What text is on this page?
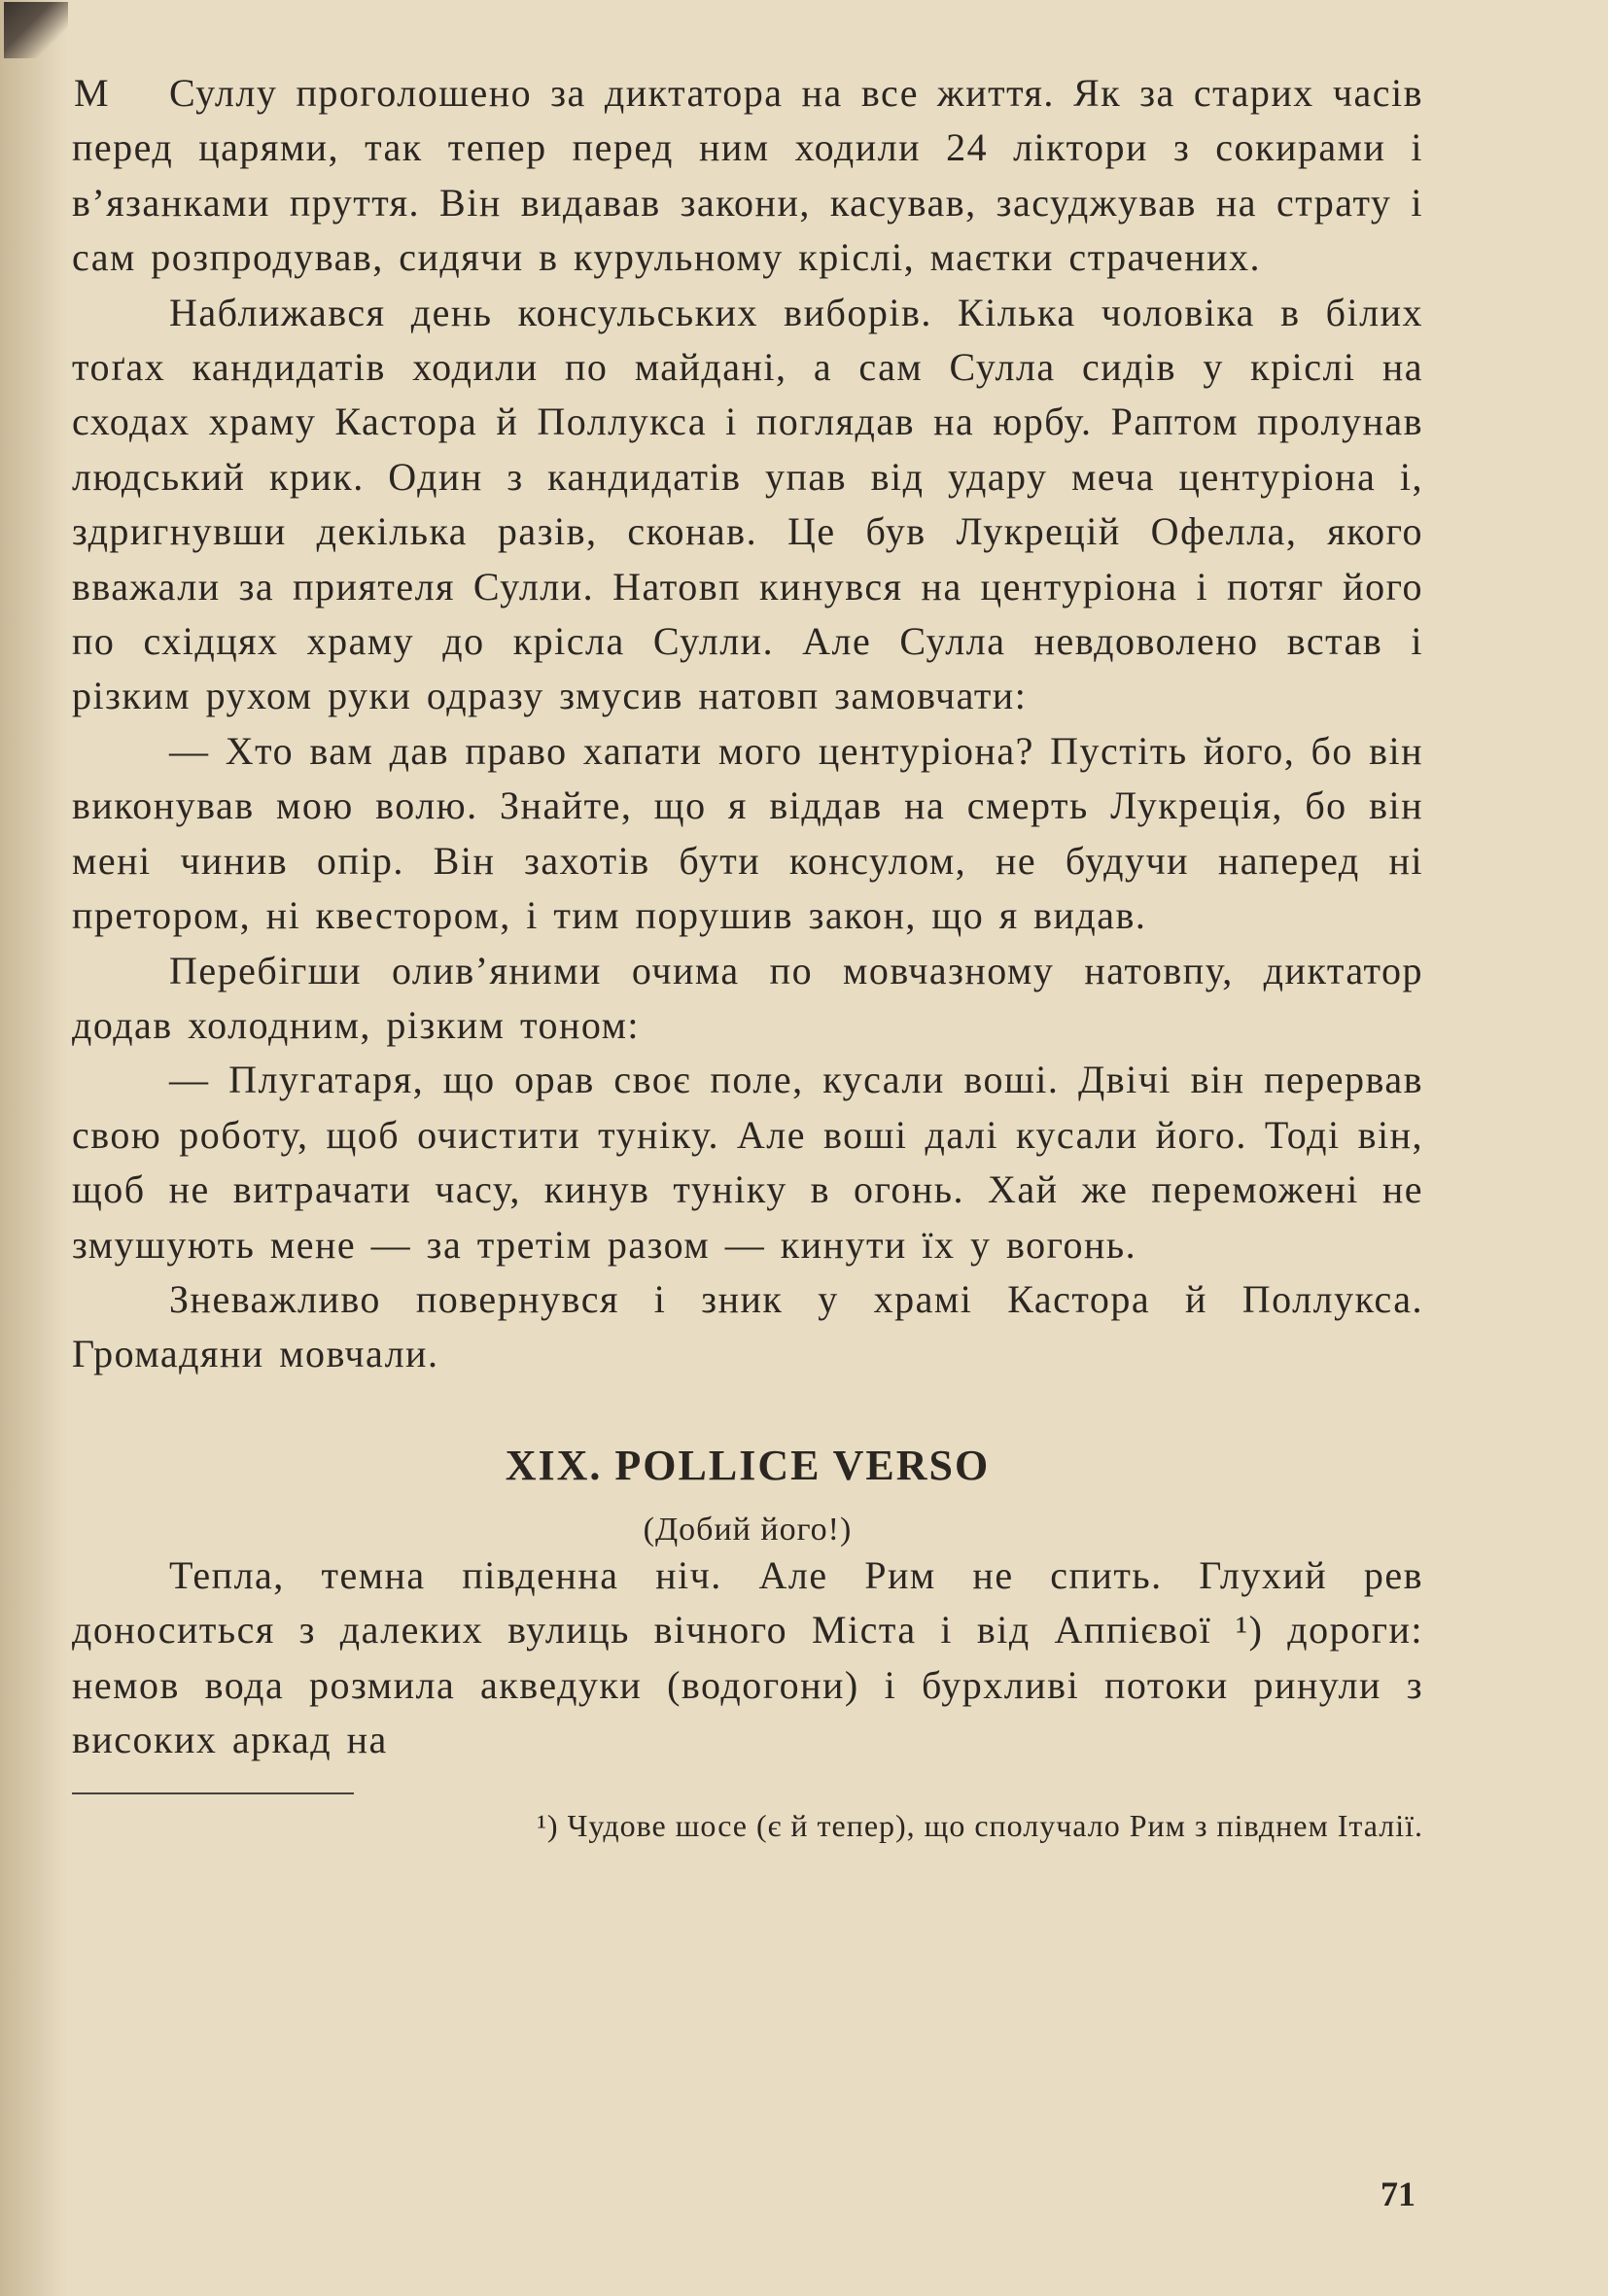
М	Суллу проголошено за диктатора на все життя. Як за старих часів перед царями, так тепер перед ним ходили 24 ліктори з сокирами і в’язанками пруття. Він видавав закони, касував, засуджував на страту і сам розпродував, сидячи в курульному кріслі, маєтки страчених.

Наближався день консульських виборів. Кілька чоловіка в білих тоґах кандидатів ходили по майдані, а сам Сулла сидів у кріслі на сходах храму Кастора й Поллукса і поглядав на юрбу. Раптом пролунав людський крик. Один з кандидатів упав від удару меча центуріона і, здригнувши декілька разів, сконав. Це був Лукрецій Офелла, якого вважали за приятеля Сулли. Натовп кинувся на центуріона і потяг його по східцях храму до крісла Сулли. Але Сулла невдоволено встав і різким рухом руки одразу змусив натовп замовчати:

— Хто вам дав право хапати мого центуріона? Пустіть його, бо він виконував мою волю. Знайте, що я віддав на смерть Лукреція, бо він мені чинив опір. Він захотів бути консулом, не будучи наперед ні претором, ні квестором, і тим порушив закон, що я видав.

Перебігши олив’яними очима по мовчазному натовпу, диктатор додав холодним, різким тоном:

— Плугатаря, що орав своє поле, кусали воші. Двічі він перервав свою роботу, щоб очистити туніку. Але воші далі кусали його. Тоді він, щоб не витрачати часу, кинув туніку в огонь. Хай же переможені не змушують мене — за третім разом — кинути їх у вогонь.

Зневажливо повернувся і зник у храмі Кастора й Поллукса. Громадяни мовчали.

XIX. POLLICE VERSO
(Добий його!)

Тепла, темна південна ніч. Але Рим не спить. Глухий рев доноситься з далеких вулиць вічного Міста і від Аппієвої ¹) дороги: немов вода розмила акведуки (водогони) і бурхливі потоки ринули з високих аркад на

¹) Чудове шосе (є й тепер), що сполучало Рим з півднем Італії.
71
